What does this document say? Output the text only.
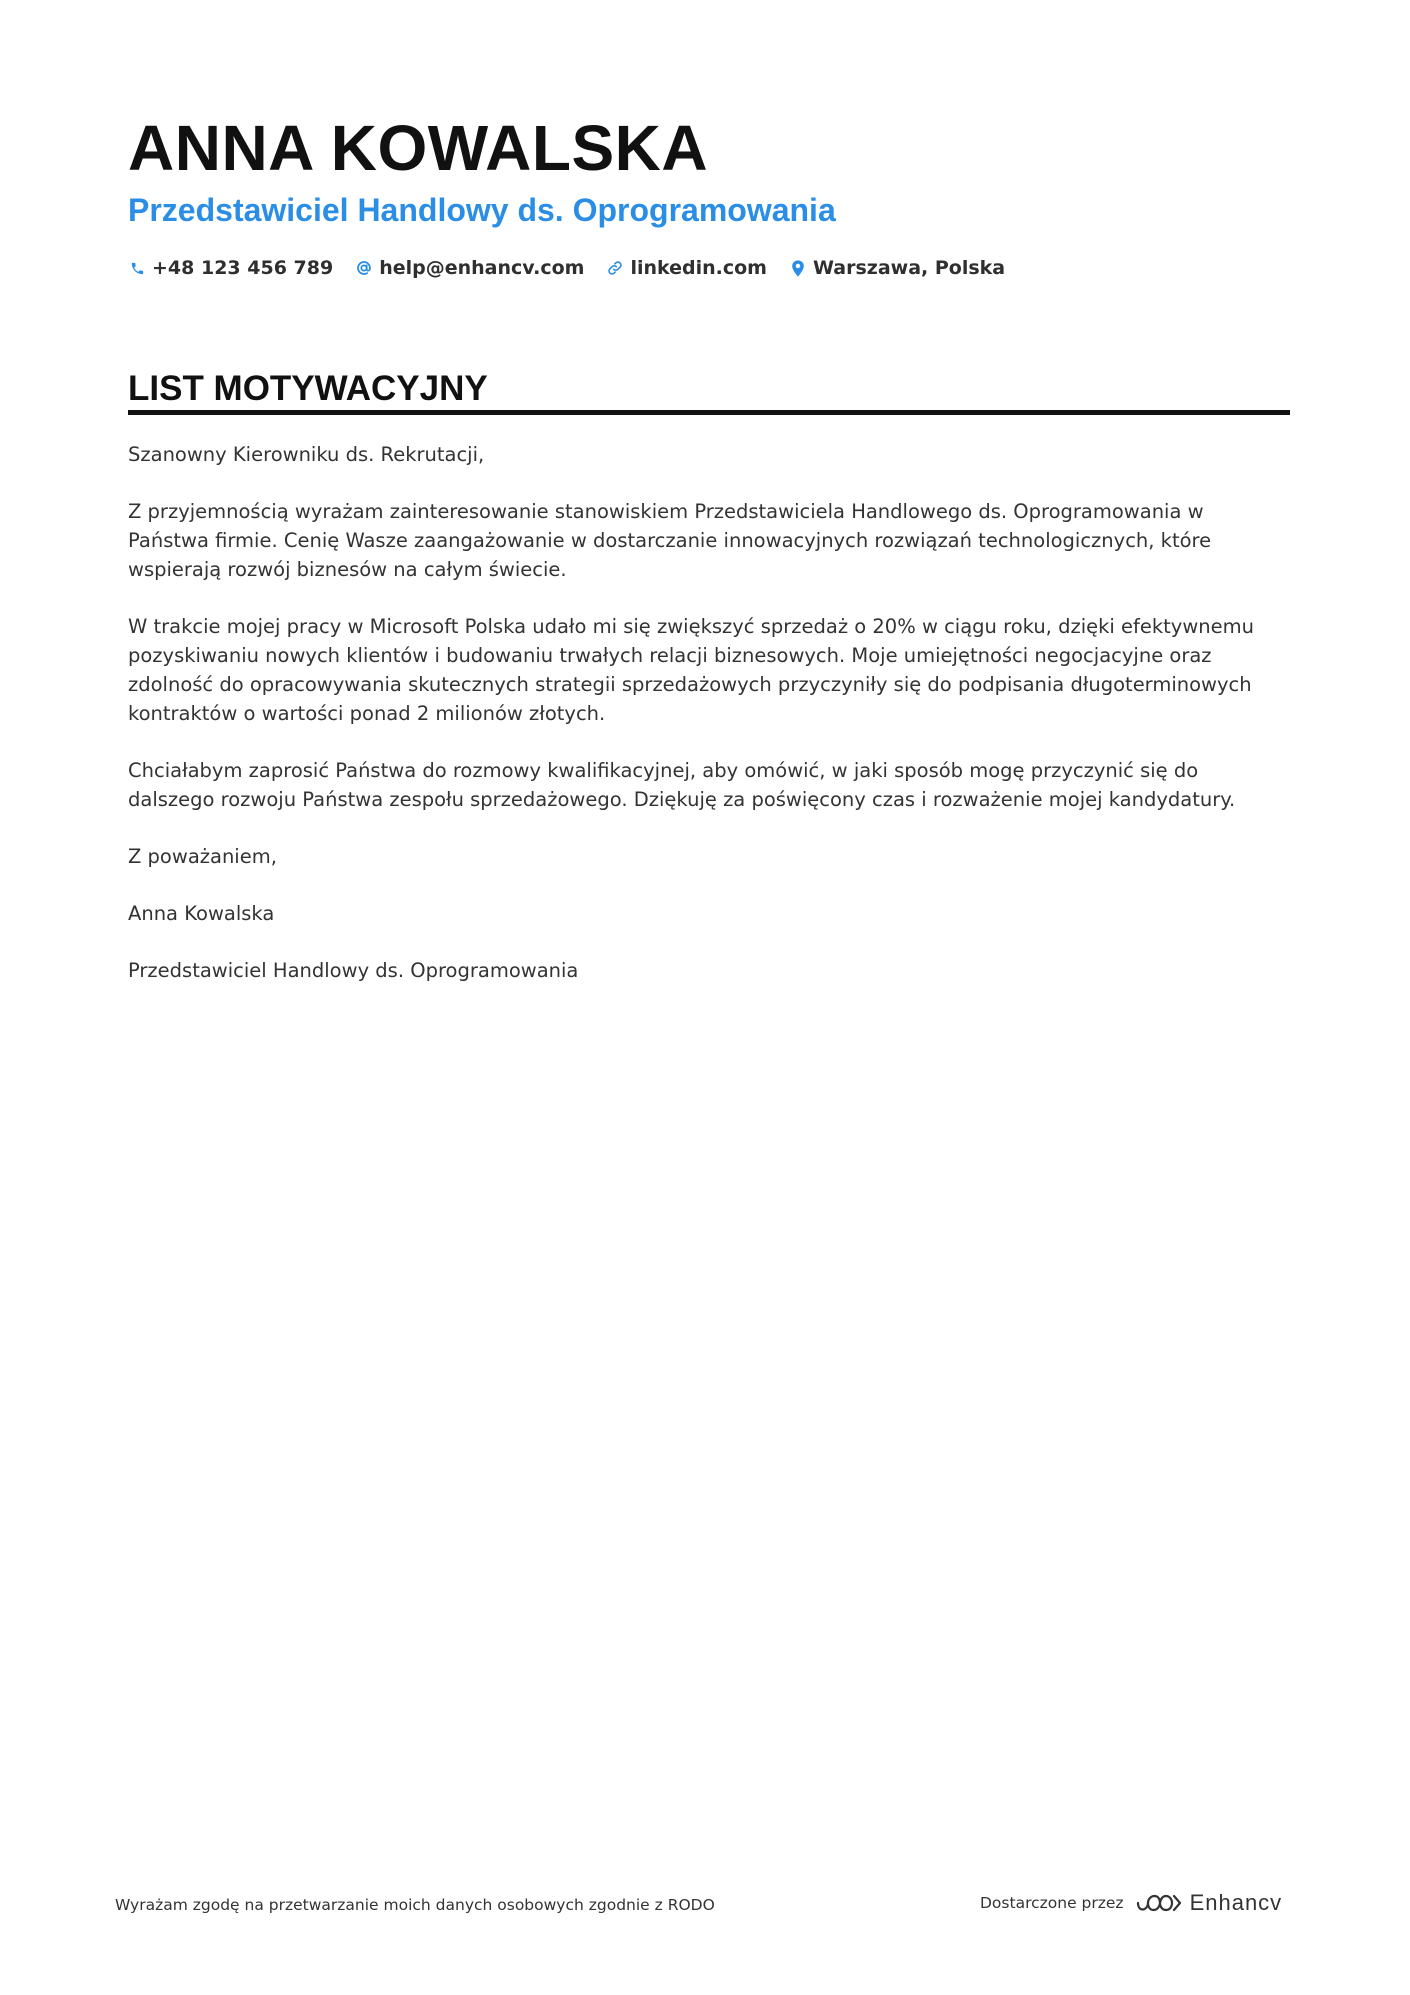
ANNA KOWALSKA
Przedstawiciel Handlowy ds. Oprogramowania
+48 123 456 789 help@enhancv.com linkedin.com Warszawa, Polska
LIST MOTYWACYJNY

Szanowny Kierowniku ds. Rekrutacji,

Z przyjemnością wyrażam zainteresowanie stanowiskiem Przedstawiciela Handlowego ds. Oprogramowania w Państwa firmie. Cenię Wasze zaangażowanie w dostarczanie innowacyjnych rozwiązań technologicznych, które wspierają rozwój biznesów na całym świecie.

W trakcie mojej pracy w Microsoft Polska udało mi się zwiększyć sprzedaż o 20% w ciągu roku, dzięki efektywnemu pozyskiwaniu nowych klientów i budowaniu trwałych relacji biznesowych. Moje umiejętności negocjacyjne oraz zdolność do opracowywania skutecznych strategii sprzedażowych przyczyniły się do podpisania długoterminowych kontraktów o wartości ponad 2 milionów złotych.

Chciałabym zaprosić Państwa do rozmowy kwalifikacyjnej, aby omówić, w jaki sposób mogę przyczynić się do dalszego rozwoju Państwa zespołu sprzedażowego. Dziękuję za poświęcony czas i rozważenie mojej kandydatury.

Z poważaniem,

Anna Kowalska

Przedstawiciel Handlowy ds. Oprogramowania

Wyrażam zgodę na przetwarzanie moich danych osobowych zgodnie z RODO	Dostarczone przez	Enhancv
